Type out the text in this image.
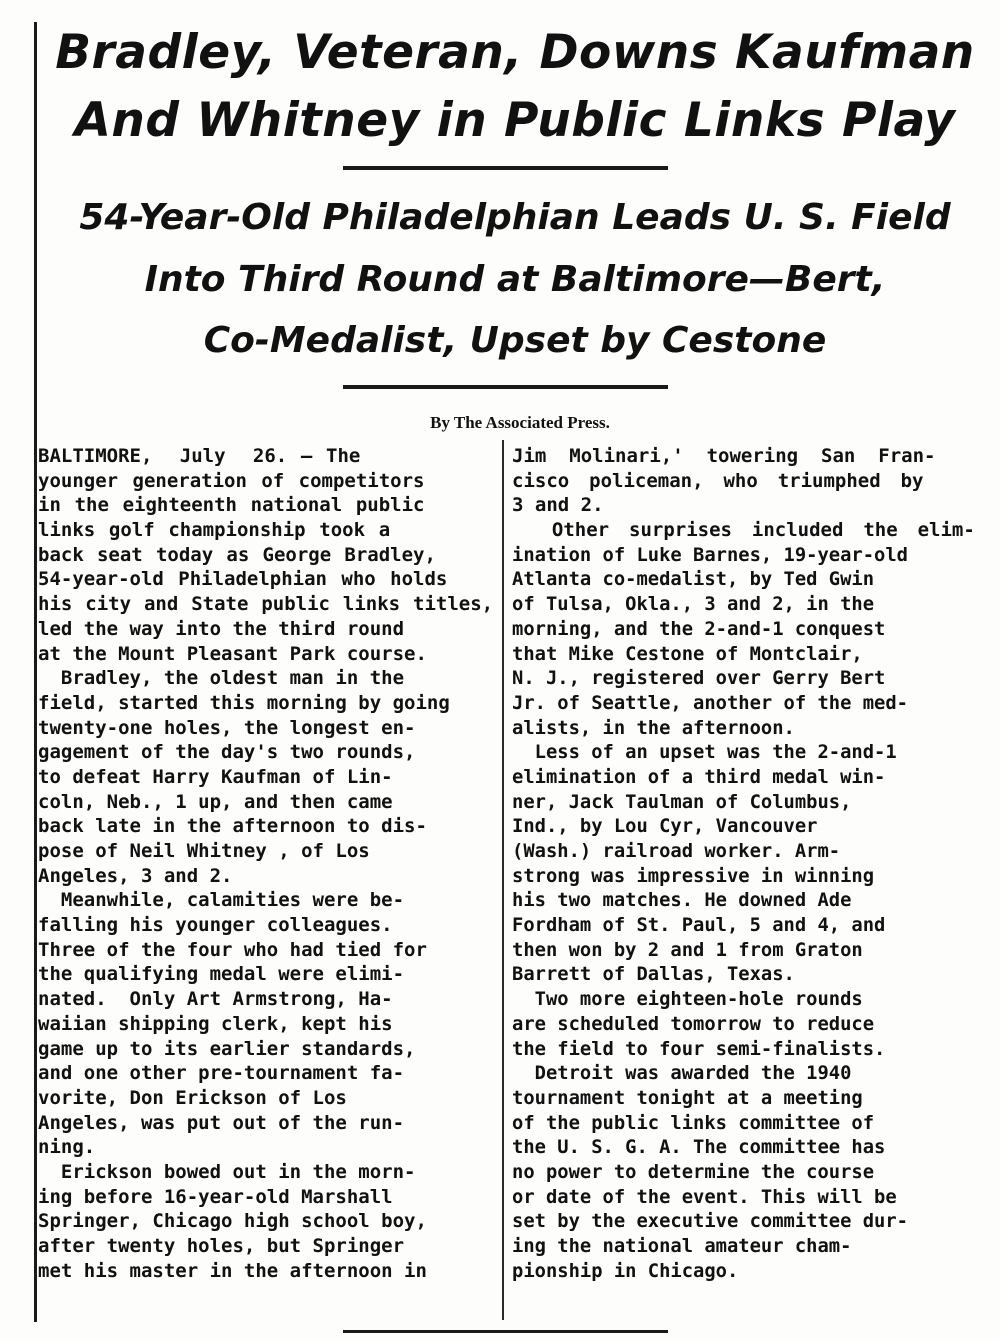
Bradley, Veteran, Downs Kaufman
And Whitney in Public Links Play
54-Year-Old Philadelphian Leads U. S. Field
Into Third Round at Baltimore—Bert,
Co-Medalist, Upset by Cestone
By The Associated Press.
BALTIMORE,  July  26. — The
younger generation of competitors
in the eighteenth national public
links golf championship took a
back seat today as George Bradley,
54-year-old Philadelphian who holds
his city and State public links titles,
led the way into the third round
at the Mount Pleasant Park course.
Bradley, the oldest man in the
field, started this morning by going
twenty-one holes, the longest en-
gagement of the day's two rounds,
to defeat Harry Kaufman of Lin-
coln, Neb., 1 up, and then came
back late in the afternoon to dis-
pose of Neil Whitney , of Los
Angeles, 3 and 2.
Meanwhile, calamities were be-
falling his younger colleagues.
Three of the four who had tied for
the qualifying medal were elimi-
nated.  Only Art Armstrong, Ha-
waiian shipping clerk, kept his
game up to its earlier standards,
and one other pre-tournament fa-
vorite, Don Erickson of Los
Angeles, was put out of the run-
ning.
Erickson bowed out in the morn-
ing before 16-year-old Marshall
Springer, Chicago high school boy,
after twenty holes, but Springer
met his master in the afternoon in
Jim Molinari,' towering San Fran-
cisco policeman, who triumphed by
3 and 2.
Other surprises included the elim-
ination of Luke Barnes, 19-year-old
Atlanta co-medalist, by Ted Gwin
of Tulsa, Okla., 3 and 2, in the
morning, and the 2-and-1 conquest
that Mike Cestone of Montclair,
N. J., registered over Gerry Bert
Jr. of Seattle, another of the med-
alists, in the afternoon.
Less of an upset was the 2-and-1
elimination of a third medal win-
ner, Jack Taulman of Columbus,
Ind., by Lou Cyr, Vancouver
(Wash.) railroad worker. Arm-
strong was impressive in winning
his two matches. He downed Ade
Fordham of St. Paul, 5 and 4, and
then won by 2 and 1 from Graton
Barrett of Dallas, Texas.
Two more eighteen-hole rounds
are scheduled tomorrow to reduce
the field to four semi-finalists.
Detroit was awarded the 1940
tournament tonight at a meeting
of the public links committee of
the U. S. G. A. The committee has
no power to determine the course
or date of the event. This will be
set by the executive committee dur-
ing the national amateur cham-
pionship in Chicago.
